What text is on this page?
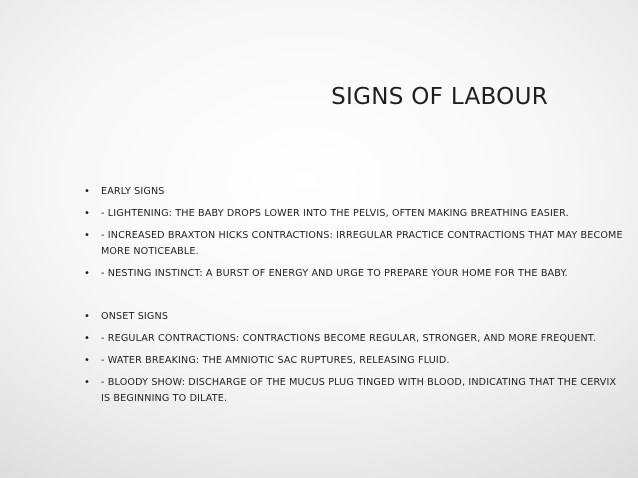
SIGNS OF LABOUR
• EARLY SIGNS
• - LIGHTENING: THE BABY DROPS LOWER INTO THE PELVIS, OFTEN MAKING BREATHING EASIER.
• - INCREASED BRAXTON HICKS CONTRACTIONS: IRREGULAR PRACTICE CONTRACTIONS THAT MAY BECOME MORE NOTICEABLE.
• - NESTING INSTINCT: A BURST OF ENERGY AND URGE TO PREPARE YOUR HOME FOR THE BABY.
• ONSET SIGNS
• - REGULAR CONTRACTIONS: CONTRACTIONS BECOME REGULAR, STRONGER, AND MORE FREQUENT.
• - WATER BREAKING: THE AMNIOTIC SAC RUPTURES, RELEASING FLUID.
• - BLOODY SHOW: DISCHARGE OF THE MUCUS PLUG TINGED WITH BLOOD, INDICATING THAT THE CERVIX IS BEGINNING TO DILATE.
